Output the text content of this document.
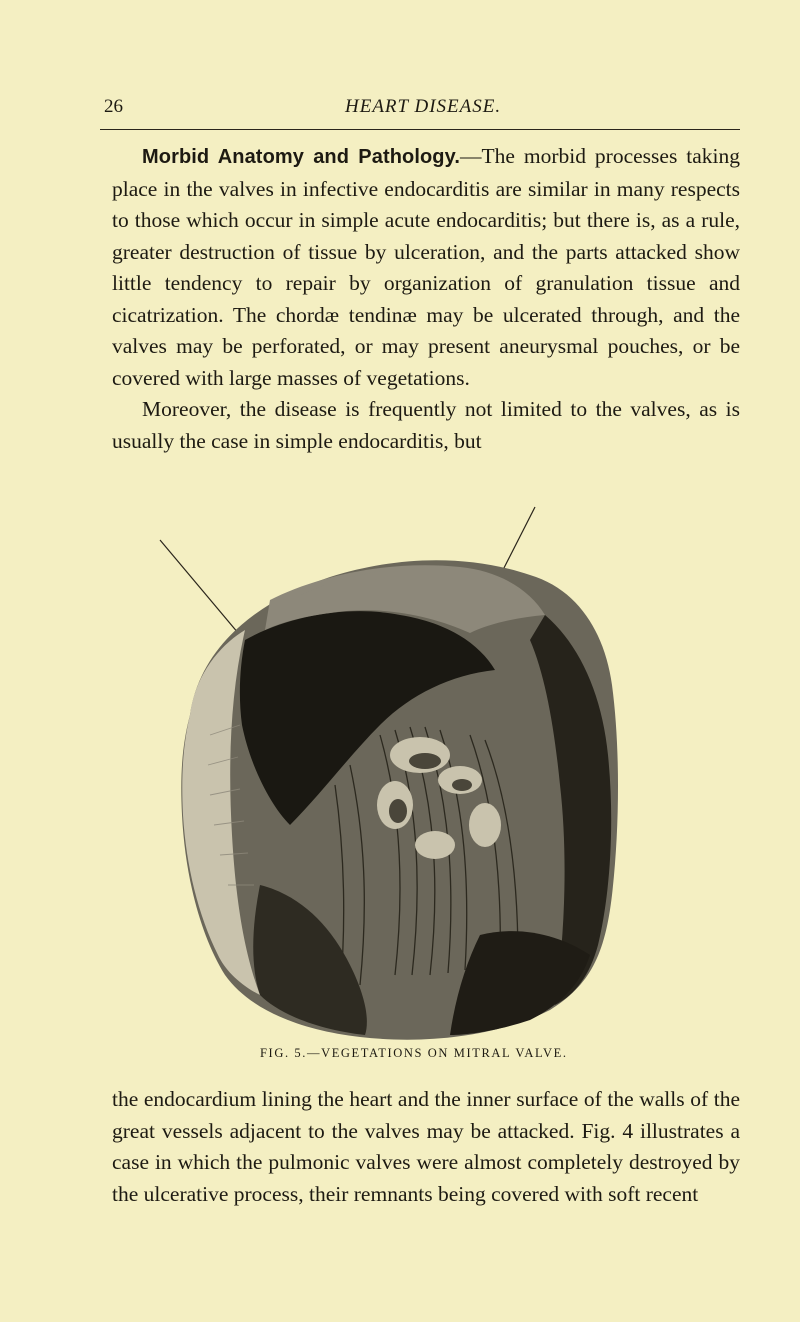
26	HEART DISEASE.

Morbid Anatomy and Pathology.—The morbid processes taking place in the valves in infective endocarditis are similar in many respects to those which occur in simple acute endocarditis; but there is, as a rule, greater destruction of tissue by ulceration, and the parts attacked show little tendency to repair by organization of granulation tissue and cicatrization. The chordæ tendinæ may be ulcerated through, and the valves may be perforated, or may present aneurysmal pouches, or be covered with large masses of vegetations.

Moreover, the disease is frequently not limited to the valves, as is usually the case in simple endocarditis, but

FIG. 5.—VEGETATIONS ON MITRAL VALVE.

the endocardium lining the heart and the inner surface of the walls of the great vessels adjacent to the valves may be attacked. Fig. 4 illustrates a case in which the pulmonic valves were almost completely destroyed by the ulcerative process, their remnants being covered with soft recent
